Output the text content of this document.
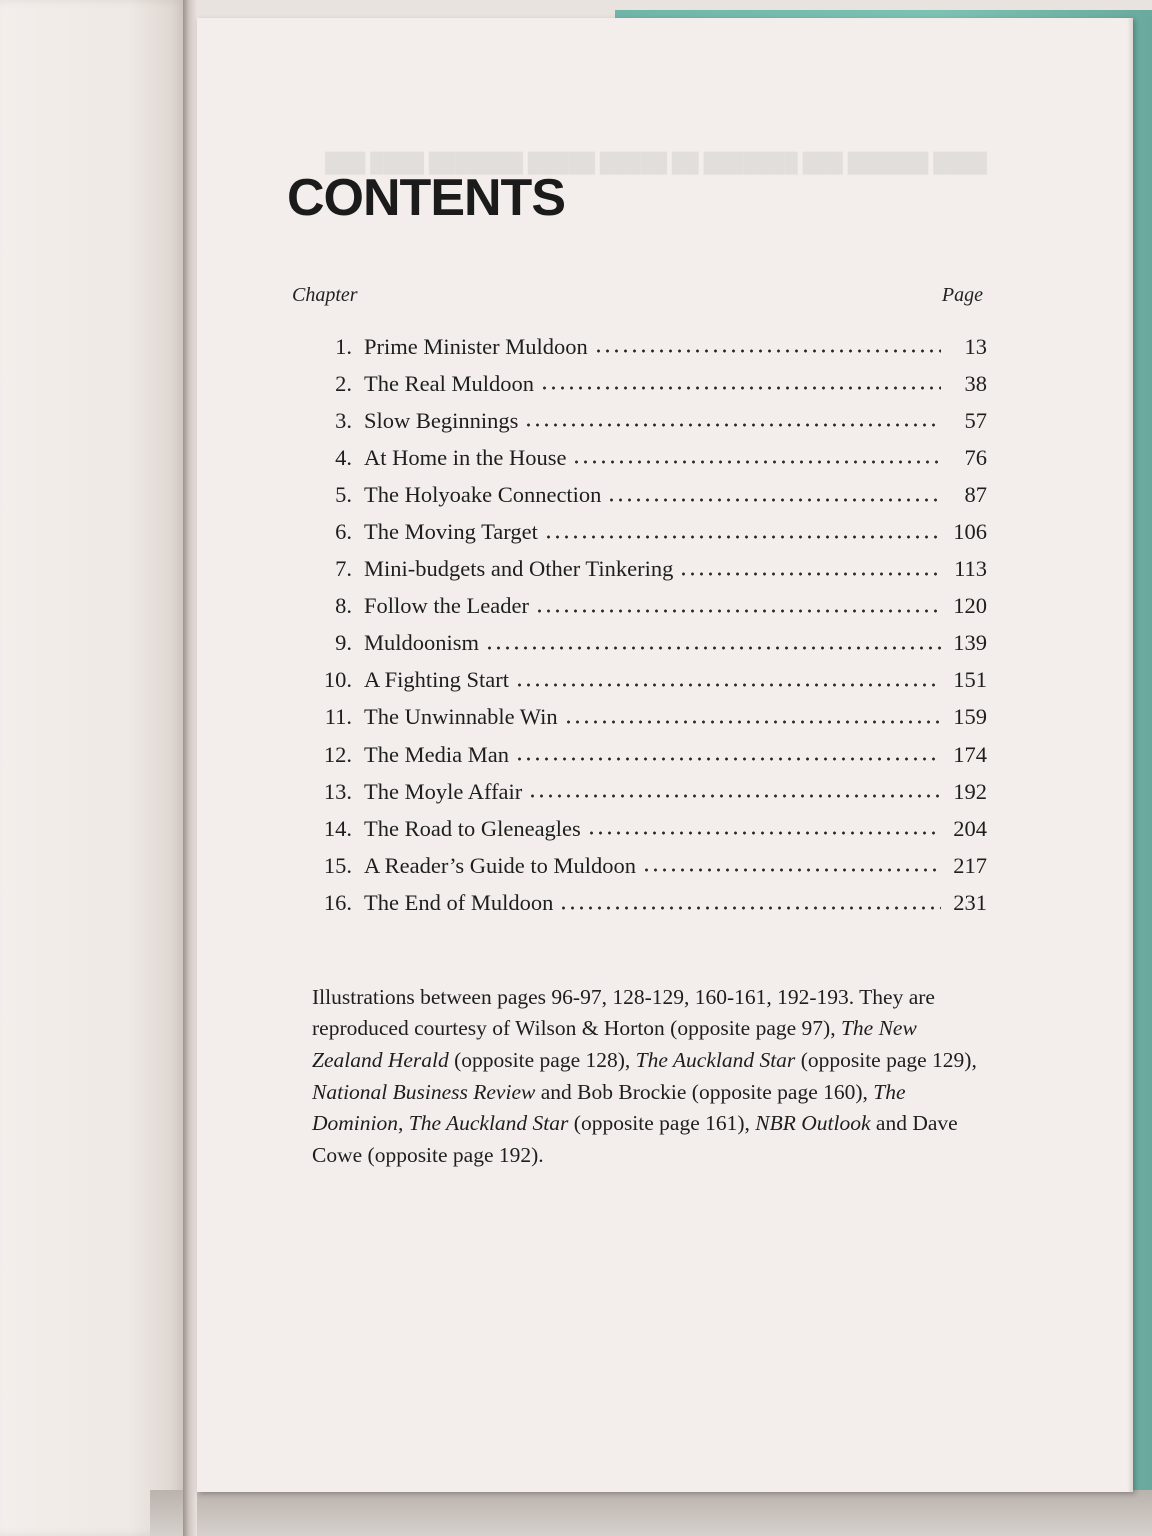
████ ██████ ███ ███████ ██ █████ █████ ███████ ████ ███
CONTENTS
Chapter	Page
1. Prime Minister Muldoon	13
2. The Real Muldoon	38
3. Slow Beginnings	57
4. At Home in the House	76
5. The Holyoake Connection	87
6. The Moving Target	106
7. Mini-budgets and Other Tinkering	113
8. Follow the Leader	120
9. Muldoonism	139
10. A Fighting Start	151
11. The Unwinnable Win	159
12. The Media Man	174
13. The Moyle Affair	192
14. The Road to Gleneagles	204
15. A Reader’s Guide to Muldoon	217
16. The End of Muldoon	231

Illustrations between pages 96-97, 128-129, 160-161, 192-193. They are reproduced courtesy of Wilson & Horton (opposite page 97), The New Zealand Herald (opposite page 128), The Auckland Star (opposite page 129), National Business Review and Bob Brockie (opposite page 160), The Dominion, The Auckland Star (opposite page 161), NBR Outlook and Dave Cowe (opposite page 192).
